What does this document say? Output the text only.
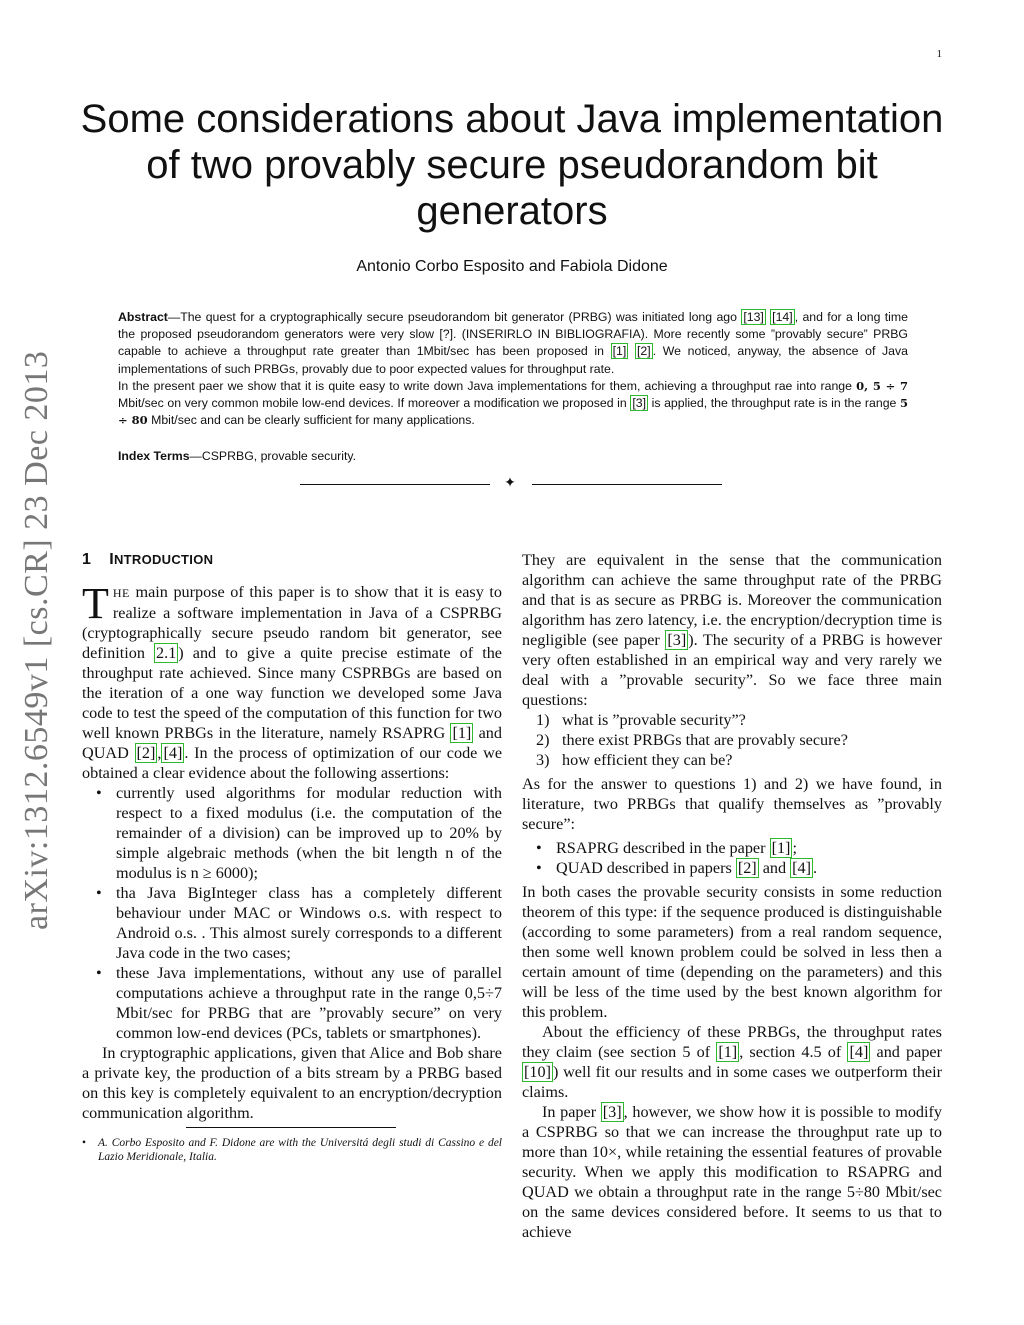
1
Some considerations about Java implementation of two provably secure pseudorandom bit generators
Antonio Corbo Esposito and Fabiola Didone

Abstract—The quest for a cryptographically secure pseudorandom bit generator (PRBG) was initiated long ago [13] [14] , and for a long time the proposed pseudorandom generators were very slow [?]. (INSERIRLO IN BIBLIOGRAFIA). More recently some ”provably secure” PRBG capable to achieve a throughput rate greater than 1Mbit/sec has been proposed in [1] [2] . We noticed, anyway, the absence of Java implementations of such PRBGs, provably due to poor expected values for throughput rate.

In the present paer we show that it is quite easy to write down Java implementations for them, achieving a throughput rae into range 0, 5 ÷ 7 Mbit/sec on very common mobile low-end devices. If moreover a modification we proposed in [3] is applied, the throughput rate is in the range 5 ÷ 80 Mbit/sec and can be clearly sufficient for many applications.

Index Terms—CSPRBG, provable security.
✦
arXiv:1312.6549v1 [cs.CR] 23 Dec 2013 1 INTRODUCTION

THE main purpose of this paper is to show that it is easy to realize a software implementation in Java of a CSPRBG (cryptographically secure pseudo random bit generator, see definition 2.1 ) and to give a quite precise estimate of the throughput rate achieved. Since many CSPRBGs are based on the iteration of a one way function we developed some Java code to test the speed of the computation of this function for two well known PRBGs in the literature, namely RSAPRG [1] and QUAD [2] , [4] . In the process of optimization of our code we obtained a clear evidence about the following assertions:

• currently used algorithms for modular reduction with respect to a fixed modulus (i.e. the computation of the remainder of a division) can be improved up to 20% by simple algebraic methods (when the bit length n of the modulus is n ≥ 6000);
• tha Java BigInteger class has a completely different behaviour under MAC or Windows o.s. with respect to Android o.s. . This almost surely corresponds to a different Java code in the two cases;
• these Java implementations, without any use of parallel computations achieve a throughput rate in the range 0,5÷7 Mbit/sec for PRBG that are ”provably secure” on very common low-end devices (PCs, tablets or smartphones).

In cryptographic applications, given that Alice and Bob share a private key, the production of a bits stream by a PRBG based on this key is completely equivalent to an encryption/decryption communication algorithm.

• A. Corbo Esposito and F. Didone are with the Universitá degli studi di Cassino e del Lazio Meridionale, Italia.

They are equivalent in the sense that the communication algorithm can achieve the same throughput rate of the PRBG and that is as secure as PRBG is. Moreover the communication algorithm has zero latency, i.e. the encryption/decryption time is negligible (see paper [3] ). The security of a PRBG is however very often established in an empirical way and very rarely we deal with a ”provable security”. So we face three main questions:

1) what is ”provable security”?
2) there exist PRBGs that are provably secure?
3) how efficient they can be?

As for the answer to questions 1) and 2) we have found, in literature, two PRBGs that qualify themselves as ”provably secure”:

• RSAPRG described in the paper [1] ;
• QUAD described in papers [2] and [4] .

In both cases the provable security consists in some reduction theorem of this type: if the sequence produced is distinguishable (according to some parameters) from a real random sequence, then some well known problem could be solved in less then a certain amount of time (depending on the parameters) and this will be less of the time used by the best known algorithm for this problem.

About the efficiency of these PRBGs, the throughput rates they claim (see section 5 of [1] , section 4.5 of [4] and paper [10] ) well fit our results and in some cases we outperform their claims.

In paper [3] , however, we show how it is possible to modify a CSPRBG so that we can increase the throughput rate up to more than 10×, while retaining the essential features of provable security. When we apply this modification to RSAPRG and QUAD we obtain a throughput rate in the range 5÷80 Mbit/sec on the same devices considered before. It seems to us that to achieve
